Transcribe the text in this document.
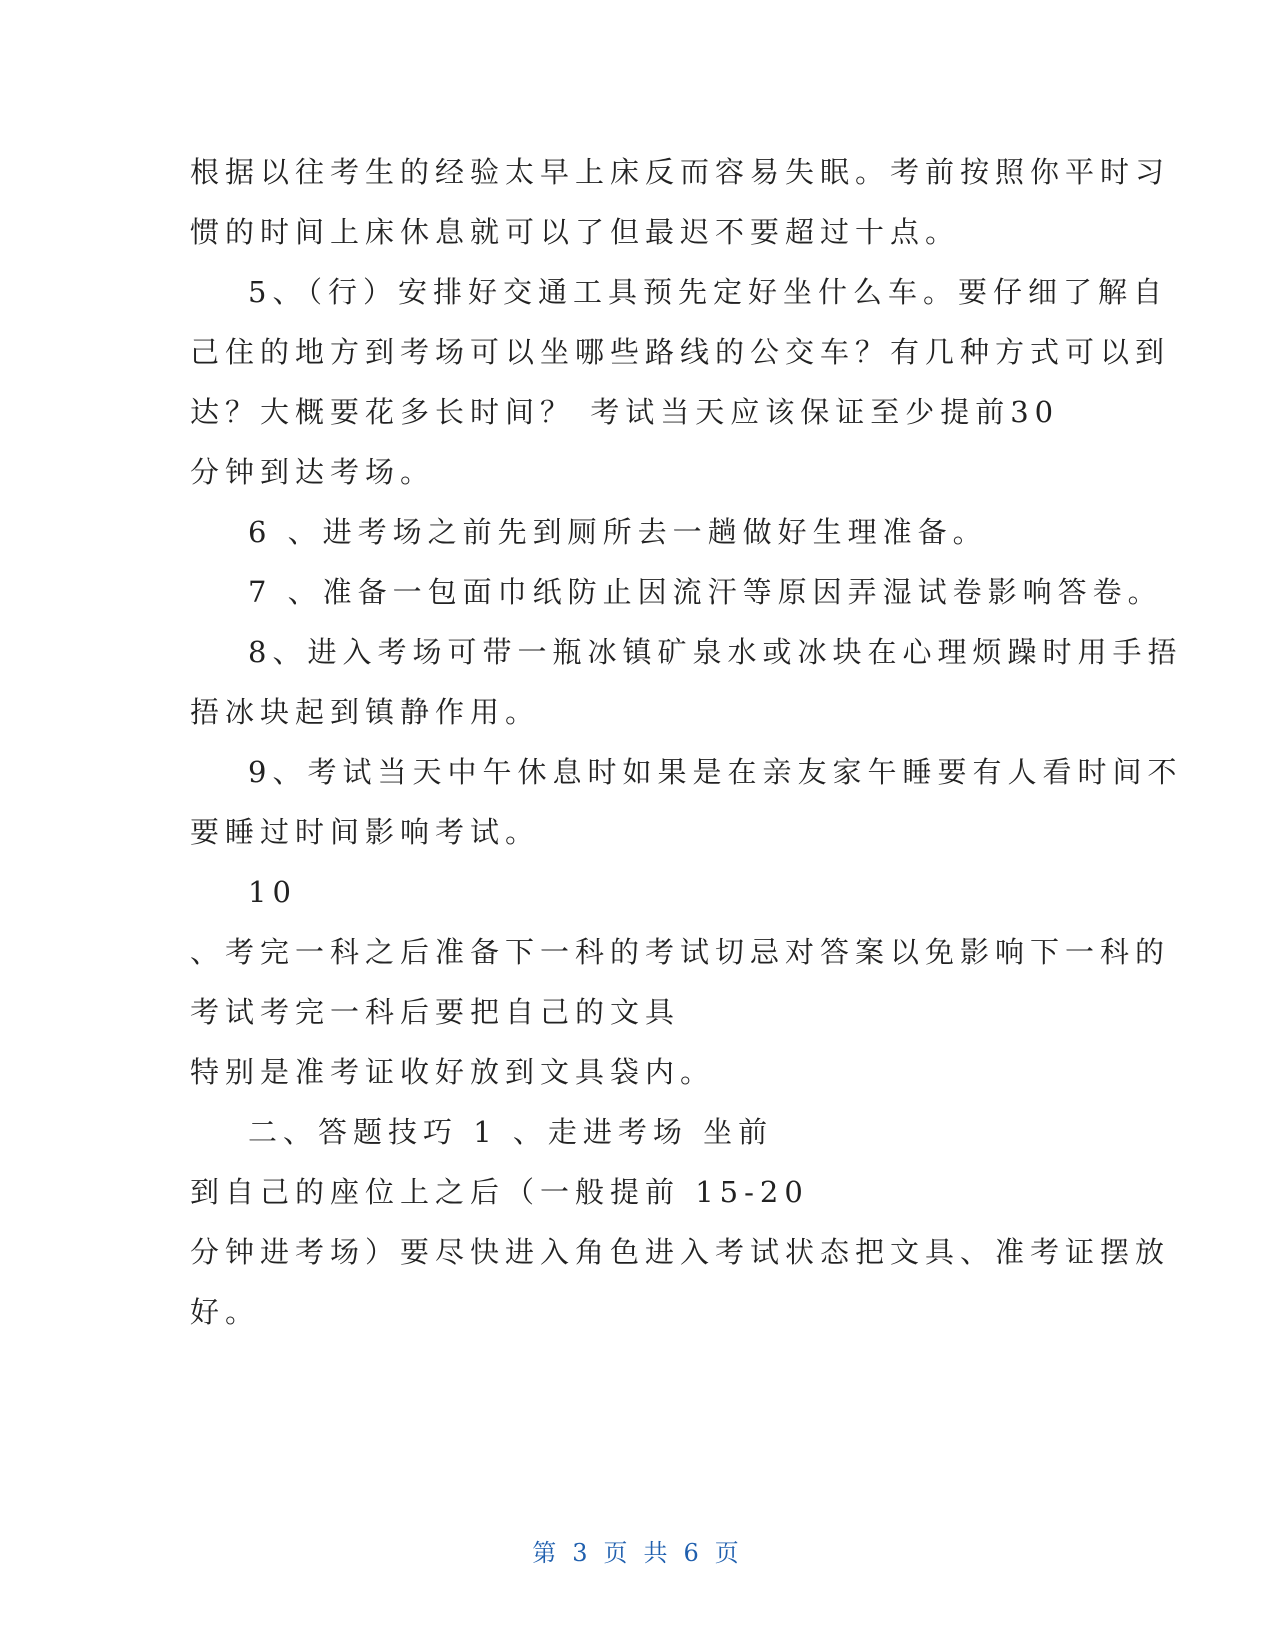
根据以往考生的经验太早上床反而容易失眠。考前按照你平时习
惯的时间上床休息就可以了但最迟不要超过十点。
5、（行）安排好交通工具预先定好坐什么车。要仔细了解自
己住的地方到考场可以坐哪些路线的公交车？有几种方式可以到
达？大概要花多长时间？ 考试当天应该保证至少提前30
分钟到达考场。
6 、进考场之前先到厕所去一趟做好生理准备。
7 、准备一包面巾纸防止因流汗等原因弄湿试卷影响答卷。
8、进入考场可带一瓶冰镇矿泉水或冰块在心理烦躁时用手捂
捂冰块起到镇静作用。
9、考试当天中午休息时如果是在亲友家午睡要有人看时间不
要睡过时间影响考试。
10
、考完一科之后准备下一科的考试切忌对答案以免影响下一科的
考试考完一科后要把自己的文具
特别是准考证收好放到文具袋内。
二、答题技巧 1 、走进考场 坐前
到自己的座位上之后（一般提前 15-20
分钟进考场）要尽快进入角色进入考试状态把文具、准考证摆放
好。
第 3 页 共 6 页
